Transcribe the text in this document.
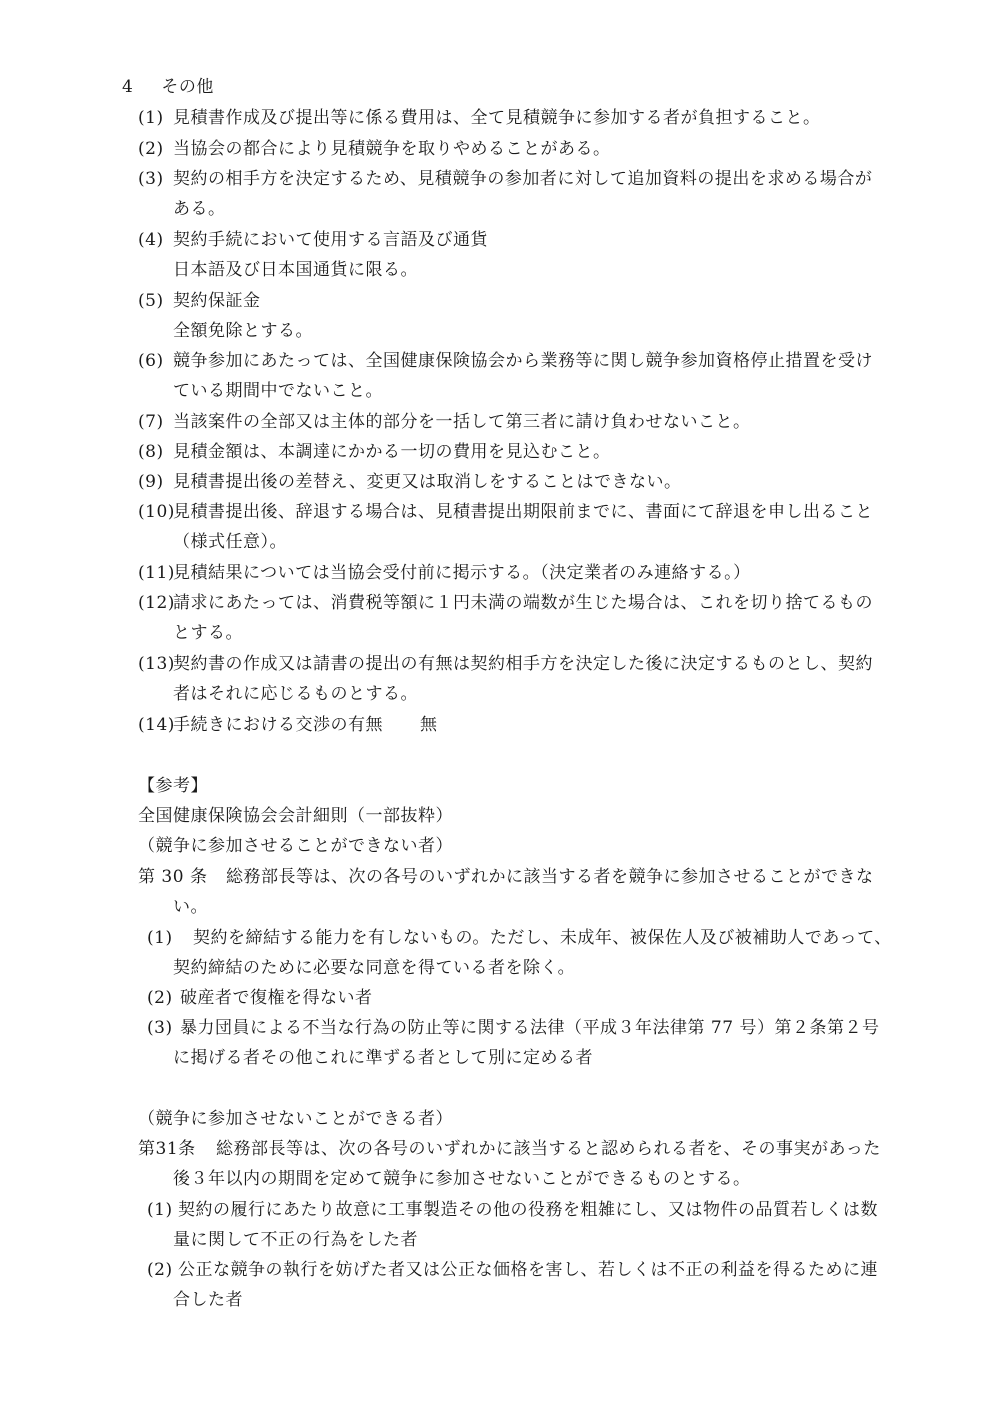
4 その他
(1) 見積書作成及び提出等に係る費用は、全て見積競争に参加する者が負担すること。
(2) 当協会の都合により見積競争を取りやめることがある。
(3) 契約の相手方を決定するため、見積競争の参加者に対して追加資料の提出を求める場合が
ある。
(4) 契約手続において使用する言語及び通貨
日本語及び日本国通貨に限る。
(5) 契約保証金
全額免除とする。
(6) 競争参加にあたっては、全国健康保険協会から業務等に関し競争参加資格停止措置を受け
ている期間中でないこと。
(7) 当該案件の全部又は主体的部分を一括して第三者に請け負わせないこと。
(8) 見積金額は、本調達にかかる一切の費用を見込むこと。
(9) 見積書提出後の差替え、変更又は取消しをすることはできない。
(10)
見積書提出後、辞退する場合は、見積書提出期限前までに、書面にて辞退を申し出ること
（様式任意）。
(11)
見積結果については当協会受付前に掲示する。（決定業者のみ連絡する。）
(12)
請求にあたっては、消費税等額に１円未満の端数が生じた場合は、これを切り捨てるもの
とする。
(13)
契約書の作成又は請書の提出の有無は契約相手方を決定した後に決定するものとし、契約
者はそれに応じるものとする。
(14)
手続きにおける交渉の有無 無
【参考】
全国健康保険協会会計細則（一部抜粋）
（競争に参加させることができない者）
第 30 条 総務部長等は、次の各号のいずれかに該当する者を競争に参加させることができな
い。
(1) 契約を締結する能力を有しないもの。ただし、未成年、被保佐人及び被補助人であって、
契約締結のために必要な同意を得ている者を除く。
(2) 破産者で復権を得ない者
(3) 暴力団員による不当な行為の防止等に関する法律（平成３年法律第 77 号）第２条第２号
に掲げる者その他これに準ずる者として別に定める者
（競争に参加させないことができる者）
第31条 総務部長等は、次の各号のいずれかに該当すると認められる者を、その事実があった
後３年以内の期間を定めて競争に参加させないことができるものとする。
(1) 契約の履行にあたり故意に工事製造その他の役務を粗雑にし、又は物件の品質若しくは数
量に関して不正の行為をした者
(2) 公正な競争の執行を妨げた者又は公正な価格を害し、若しくは不正の利益を得るために連
合した者
